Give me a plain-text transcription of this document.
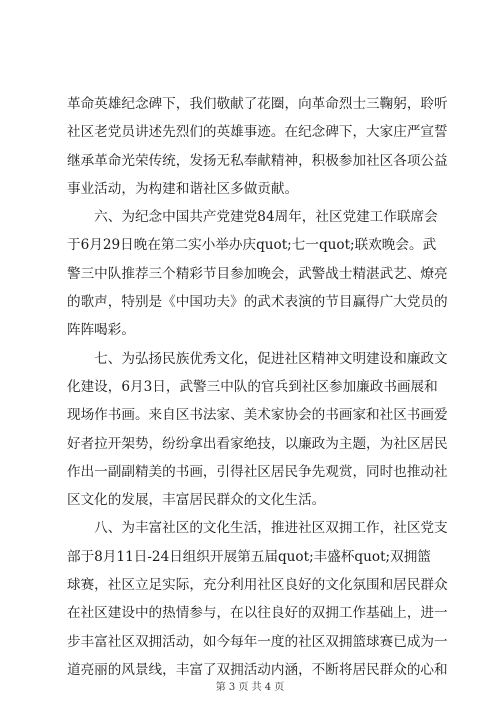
革命英雄纪念碑下，我们敬献了花圈，向革命烈士三鞠躬，聆听
社区老党员讲述先烈们的英雄事迹。在纪念碑下，大家庄严宣誓
继承革命光荣传统，发扬无私奉献精神，积极参加社区各项公益
事业活动，为构建和谐社区多做贡献。

　　六、为纪念中国共产党建党84周年，社区党建工作联席会
于6月29日晚在第二实小举办庆quot;七一quot;联欢晚会。武
警三中队推荐三个精彩节目参加晚会，武警战士精湛武艺、燎亮
的歌声，特别是《中国功夫》的武术表演的节目赢得广大党员的
阵阵喝彩。

　　七、为弘扬民族优秀文化，促进社区精神文明建设和廉政文
化建设，6月3日，武警三中队的官兵到社区参加廉政书画展和
现场作书画。来自区书法家、美术家协会的书画家和社区书画爱
好者拉开架势，纷纷拿出看家绝技，以廉政为主题，为社区居民
作出一副副精美的书画，引得社区居民争先观赏，同时也推动社
区文化的发展，丰富居民群众的文化生活。

　　八、为丰富社区的文化生活，推进社区双拥工作，社区党支
部于8月11日-24日组织开展第五届quot;丰盛杯quot;双拥篮
球赛，社区立足实际，充分利用社区良好的文化氛围和居民群众
在社区建设中的热情参与，在以往良好的双拥工作基础上，进一
步丰富社区双拥活动，如今每年一度的社区双拥篮球赛已成为一
道亮丽的风景线，丰富了双拥活动内涵，不断将居民群众的心和

第 3 页 共 4 页
